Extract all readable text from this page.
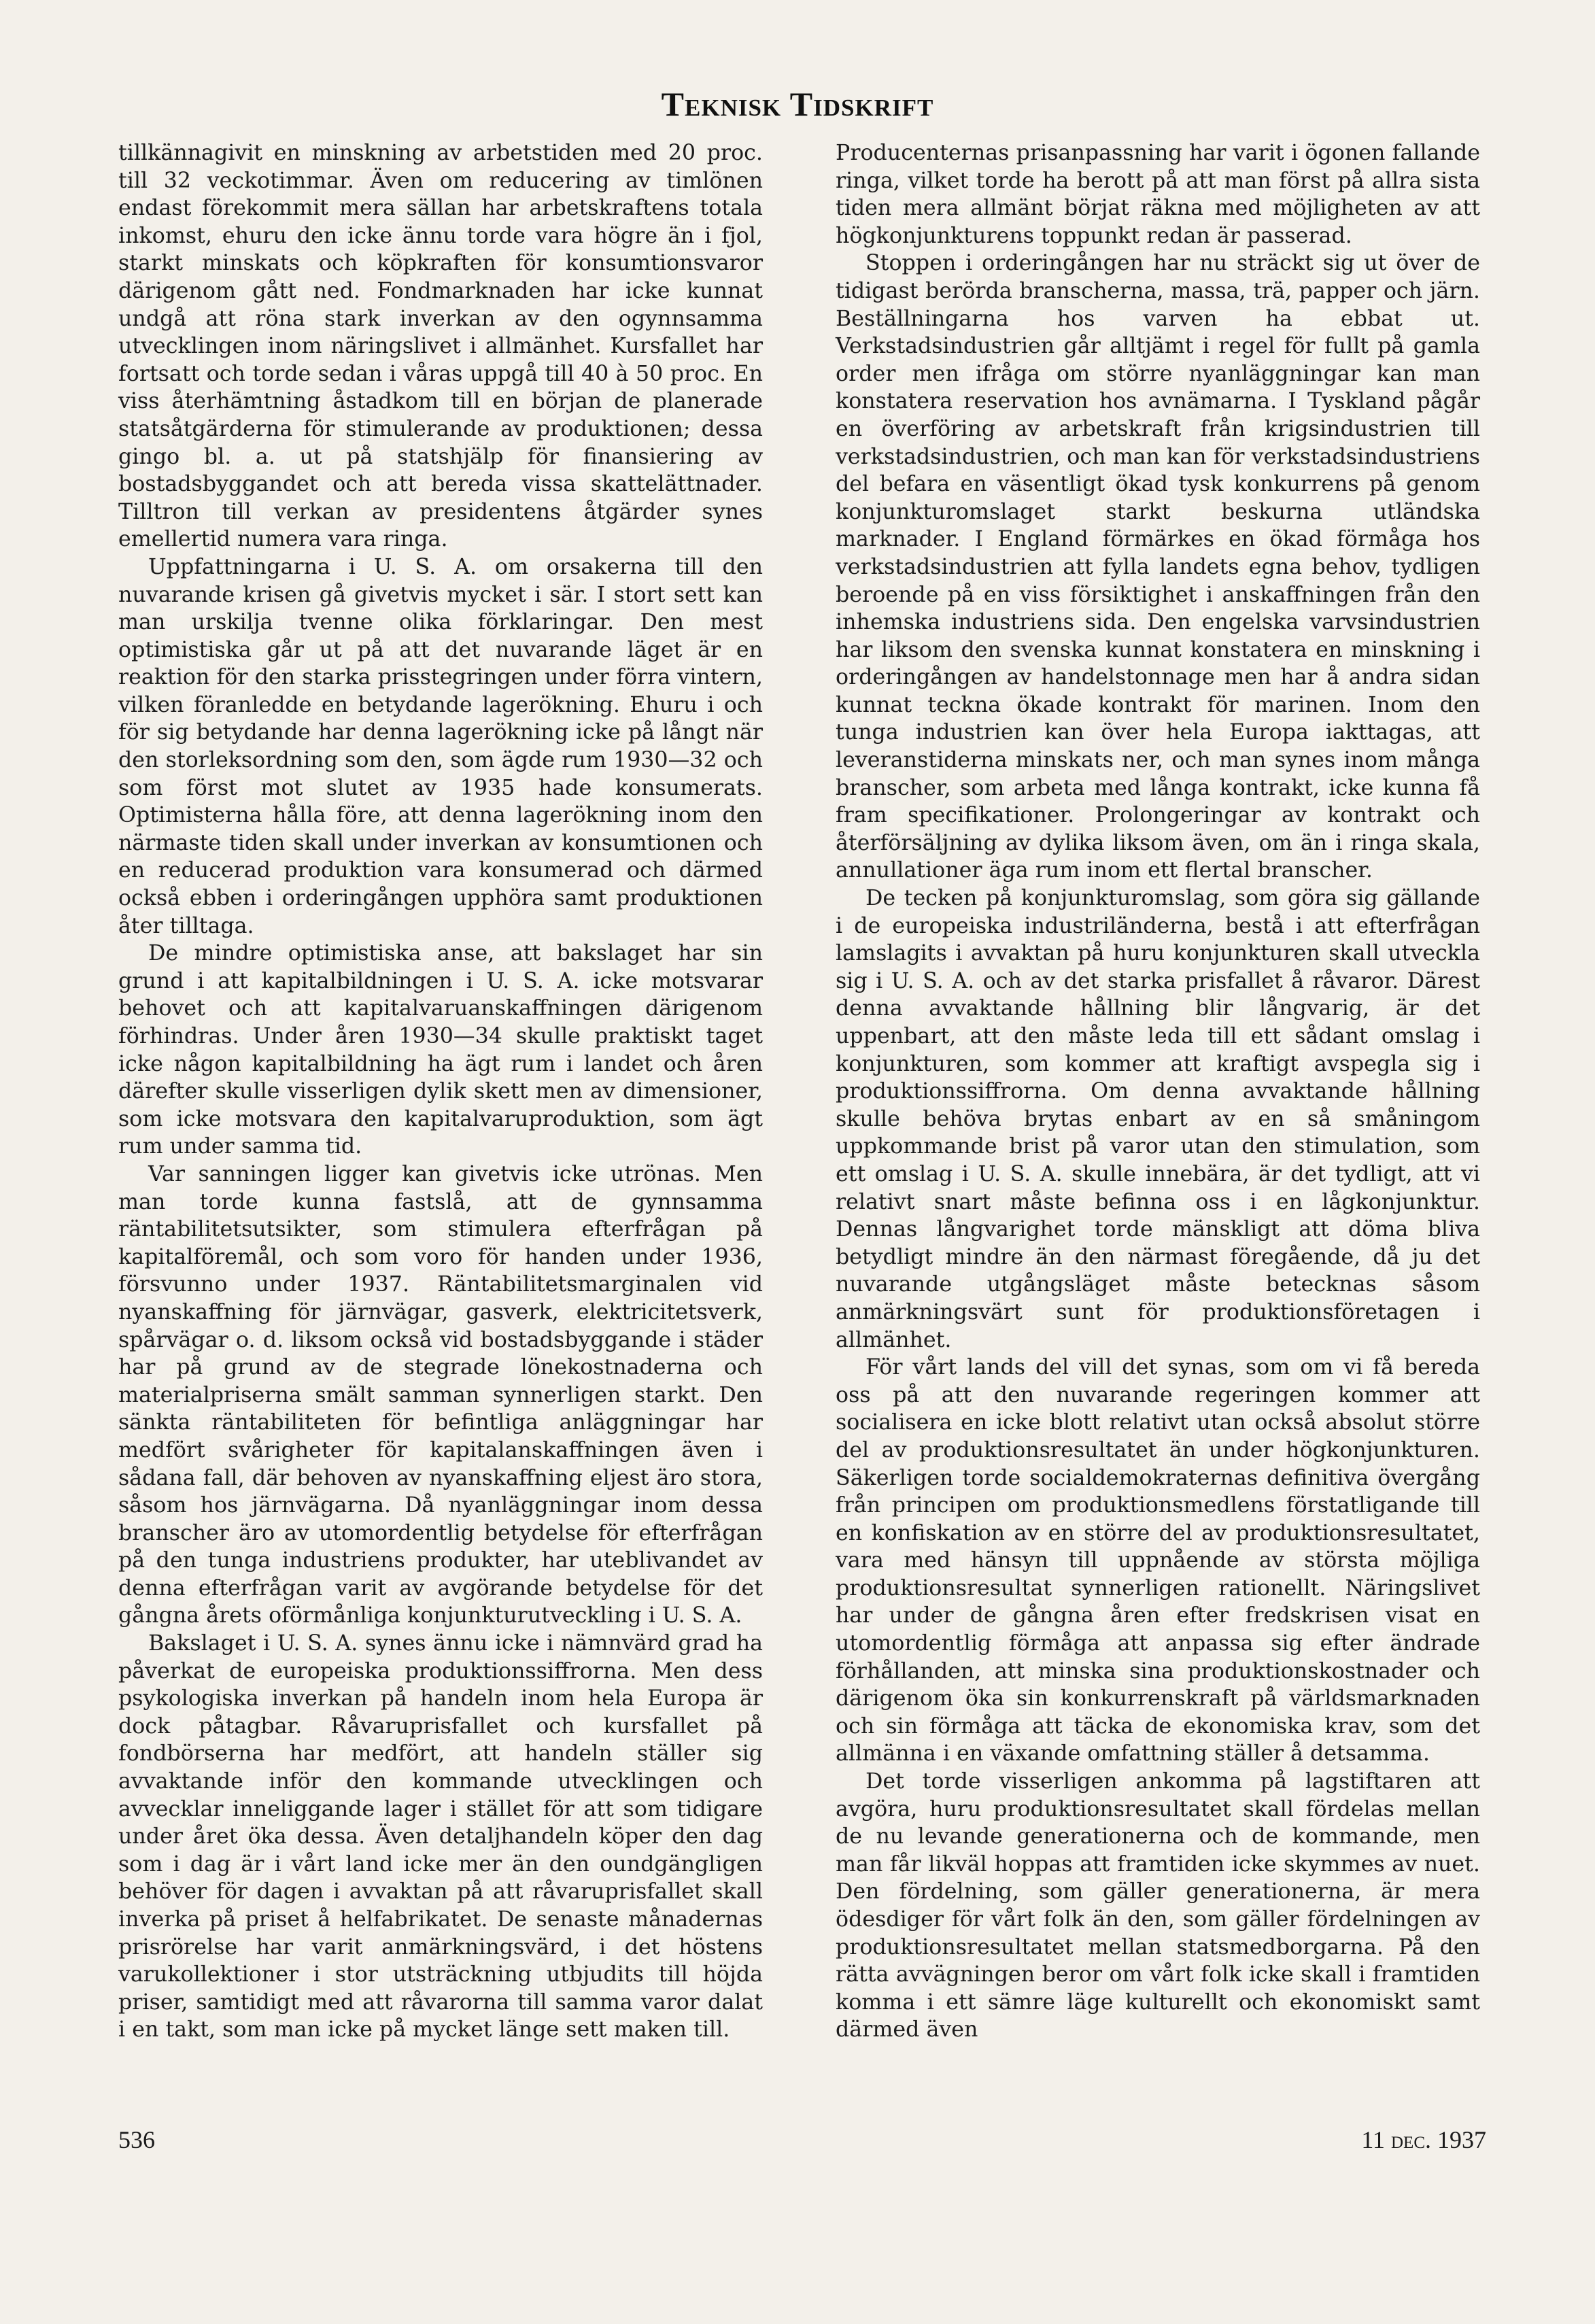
Teknisk Tidskrift

tillkännagivit en minskning av arbetstiden med 20 proc. till 32 veckotimmar. Även om reducering av timlönen endast förekommit mera sällan har arbetskraftens totala inkomst, ehuru den icke ännu torde vara högre än i fjol, starkt minskats och köpkraften för konsumtionsvaror därigenom gått ned. Fondmarknaden har icke kunnat undgå att röna stark inverkan av den ogynnsamma utvecklingen inom näringslivet i allmänhet. Kursfallet har fortsatt och torde sedan i våras uppgå till 40 à 50 proc. En viss återhämtning åstadkom till en början de planerade statsåtgärderna för stimulerande av produktionen; dessa gingo bl. a. ut på statshjälp för finansiering av bostadsbyggandet och att bereda vissa skattelättnader. Tilltron till verkan av presidentens åtgärder synes emellertid numera vara ringa.

Uppfattningarna i U. S. A. om orsakerna till den nuvarande krisen gå givetvis mycket i sär. I stort sett kan man urskilja tvenne olika förklaringar. Den mest optimistiska går ut på att det nuvarande läget är en reaktion för den starka prisstegringen under förra vintern, vilken föranledde en betydande lagerökning. Ehuru i och för sig betydande har denna lagerökning icke på långt när den storleksordning som den, som ägde rum 1930—32 och som först mot slutet av 1935 hade konsumerats. Optimisterna hålla före, att denna lagerökning inom den närmaste tiden skall under inverkan av konsumtionen och en reducerad produktion vara konsumerad och därmed också ebben i orderingången upphöra samt produktionen åter tilltaga.

De mindre optimistiska anse, att bakslaget har sin grund i att kapitalbildningen i U. S. A. icke motsvarar behovet och att kapitalvaruanskaffningen därigenom förhindras. Under åren 1930—34 skulle praktiskt taget icke någon kapitalbildning ha ägt rum i landet och åren därefter skulle visserligen dylik skett men av dimensioner, som icke motsvara den kapitalvaruproduktion, som ägt rum under samma tid.

Var sanningen ligger kan givetvis icke utrönas. Men man torde kunna fastslå, att de gynnsamma räntabilitetsutsikter, som stimulera efterfrågan på kapitalföremål, och som voro för handen under 1936, försvunno under 1937. Räntabilitetsmarginalen vid nyanskaffning för järnvägar, gasverk, elektricitetsverk, spårvägar o. d. liksom också vid bostadsbyggande i städer har på grund av de stegrade lönekostnaderna och materialpriserna smält samman synnerligen starkt. Den sänkta räntabiliteten för befintliga anläggningar har medfört svårigheter för kapitalanskaffningen även i sådana fall, där behoven av nyanskaffning eljest äro stora, såsom hos järnvägarna. Då nyanläggningar inom dessa branscher äro av utomordentlig betydelse för efterfrågan på den tunga industriens produkter, har uteblivandet av denna efterfrågan varit av avgörande betydelse för det gångna årets oförmånliga konjunkturutveckling i U. S. A.

Bakslaget i U. S. A. synes ännu icke i nämnvärd grad ha påverkat de europeiska produktionssiffrorna. Men dess psykologiska inverkan på handeln inom hela Europa är dock påtagbar. Råvaruprisfallet och kursfallet på fondbörserna har medfört, att handeln ställer sig avvaktande inför den kommande utvecklingen och avvecklar inneliggande lager i stället för att som tidigare under året öka dessa. Även detaljhandeln köper den dag som i dag är i vårt land icke mer än den oundgängligen behöver för dagen i avvaktan på att råvaruprisfallet skall inverka på priset å helfabrikatet. De senaste månadernas prisrörelse har varit anmärkningsvärd, i det höstens varukollektioner i stor utsträckning utbjudits till höjda priser, samtidigt med att råvarorna till samma varor dalat i en takt, som man icke på mycket länge sett maken till.

Producenternas prisanpassning har varit i ögonen fallande ringa, vilket torde ha berott på att man först på allra sista tiden mera allmänt börjat räkna med möjligheten av att högkonjunkturens toppunkt redan är passerad.

Stoppen i orderingången har nu sträckt sig ut över de tidigast berörda branscherna, massa, trä, papper och järn. Beställningarna hos varven ha ebbat ut. Verkstadsindustrien går alltjämt i regel för fullt på gamla order men ifråga om större nyanläggningar kan man konstatera reservation hos avnämarna. I Tyskland pågår en överföring av arbetskraft från krigsindustrien till verkstadsindustrien, och man kan för verkstadsindustriens del befara en väsentligt ökad tysk konkurrens på genom konjunkturomslaget starkt beskurna utländska marknader. I England förmärkes en ökad förmåga hos verkstadsindustrien att fylla landets egna behov, tydligen beroende på en viss försiktighet i anskaffningen från den inhemska industriens sida. Den engelska varvsindustrien har liksom den svenska kunnat konstatera en minskning i orderingången av handelstonnage men har å andra sidan kunnat teckna ökade kontrakt för marinen. Inom den tunga industrien kan över hela Europa iakttagas, att leveranstiderna minskats ner, och man synes inom många branscher, som arbeta med långa kontrakt, icke kunna få fram specifikationer. Prolongeringar av kontrakt och återförsäljning av dylika liksom även, om än i ringa skala, annullationer äga rum inom ett flertal branscher.

De tecken på konjunkturomslag, som göra sig gällande i de europeiska industriländerna, bestå i att efterfrågan lamslagits i avvaktan på huru konjunkturen skall utveckla sig i U. S. A. och av det starka prisfallet å råvaror. Därest denna avvaktande hållning blir långvarig, är det uppenbart, att den måste leda till ett sådant omslag i konjunkturen, som kommer att kraftigt avspegla sig i produktionssiffrorna. Om denna avvaktande hållning skulle behöva brytas enbart av en så småningom uppkommande brist på varor utan den stimulation, som ett omslag i U. S. A. skulle innebära, är det tydligt, att vi relativt snart måste befinna oss i en lågkonjunktur. Dennas långvarighet torde mänskligt att döma bliva betydligt mindre än den närmast föregående, då ju det nuvarande utgångsläget måste betecknas såsom anmärkningsvärt sunt för produktionsföretagen i allmänhet.

För vårt lands del vill det synas, som om vi få bereda oss på att den nuvarande regeringen kommer att socialisera en icke blott relativt utan också absolut större del av produktionsresultatet än under högkonjunkturen. Säkerligen torde socialdemokraternas definitiva övergång från principen om produktionsmedlens förstatligande till en konfiskation av en större del av produktionsresultatet, vara med hänsyn till uppnående av största möjliga produktionsresultat synnerligen rationellt. Näringslivet har under de gångna åren efter fredskrisen visat en utomordentlig förmåga att anpassa sig efter ändrade förhållanden, att minska sina produktionskostnader och därigenom öka sin konkurrenskraft på världsmarknaden och sin förmåga att täcka de ekonomiska krav, som det allmänna i en växande omfattning ställer å detsamma.

Det torde visserligen ankomma på lagstiftaren att avgöra, huru produktionsresultatet skall fördelas mellan de nu levande generationerna och de kommande, men man får likväl hoppas att framtiden icke skymmes av nuet. Den fördelning, som gäller generationerna, är mera ödesdiger för vårt folk än den, som gäller fördelningen av produktionsresultatet mellan statsmedborgarna. På den rätta avvägningen beror om vårt folk icke skall i framtiden komma i ett sämre läge kulturellt och ekonomiskt samt därmed även

536	11 dec. 1937
